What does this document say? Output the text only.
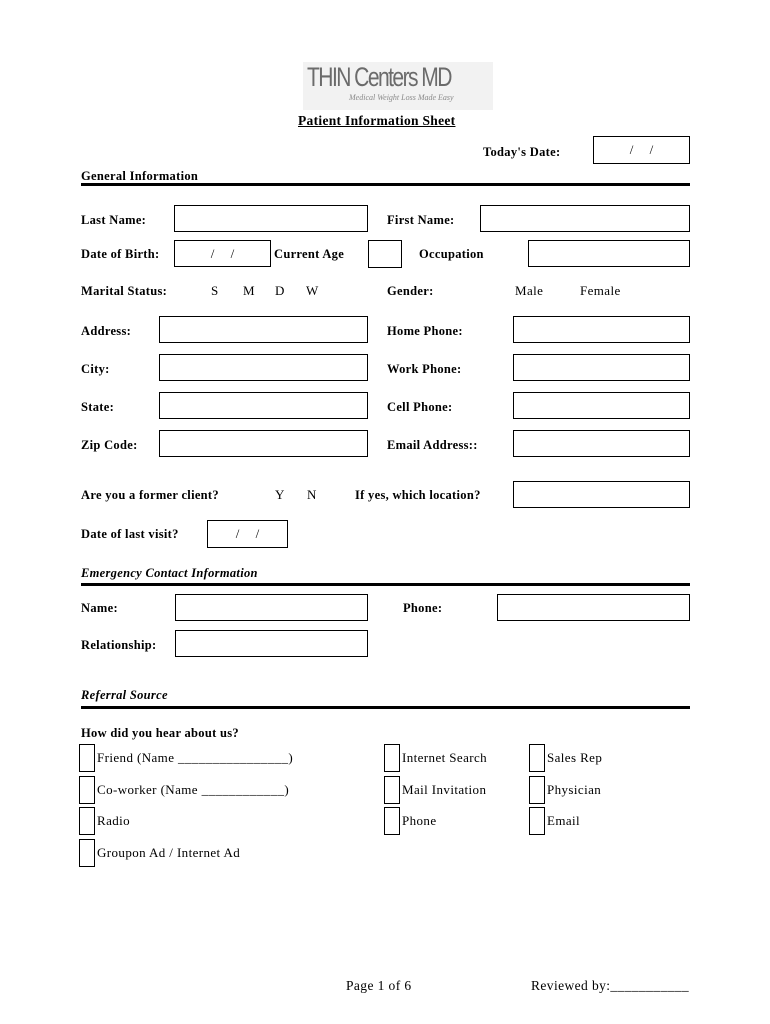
THIN Centers MD
Medical Weight Loss Made Easy
Patient Information Sheet
Today's Date:	/     /
General Information
Last Name:	First Name:
Date of Birth:	/     /	Current Age	Occupation
Marital Status:	S M D W	Gender:	Male	Female
Address:	Home Phone:
City:	Work Phone:
State:	Cell Phone:
Zip Code:	Email Address::
Are you a former client?	Y N	If yes, which location?
Date of last visit?	/     /
Emergency Contact Information
Name:	Phone:
Relationship:
Referral Source
How did you hear about us?
Friend (Name ________________)
Co-worker (Name ____________)
Radio
Groupon Ad / Internet Ad
Internet Search
Mail Invitation
Phone
Sales Rep
Physician
Email
Page 1 of 6	Reviewed by:___________
